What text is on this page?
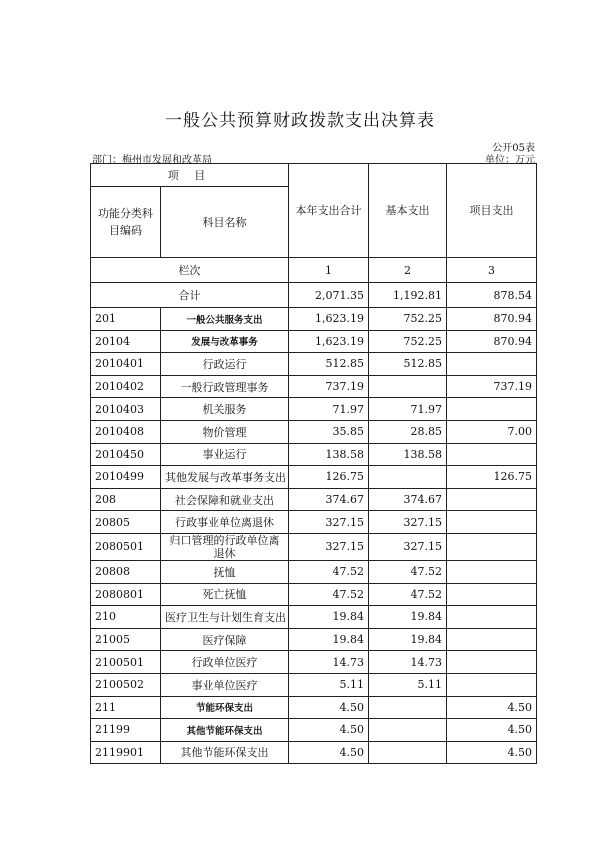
一般公共预算财政拨款支出决算表
公开05表
部门：梅州市发展和改革局	单位：万元
项 目		本年支出合计	基本支出	项目支出
功能分类科目编码	科目名称			
栏次		1	2	3
合计		2,071.35	1,192.81	878.54
201	一般公共服务支出	1,623.19	752.25	870.94
20104	发展与改革事务	1,623.19	752.25	870.94
2010401	行政运行	512.85	512.85	
2010402	一般行政管理事务	737.19		737.19
2010403	机关服务	71.97	71.97	
2010408	物价管理	35.85	28.85	7.00
2010450	事业运行	138.58	138.58	
2010499	其他发展与改革事务支出	126.75		126.75
208	社会保障和就业支出	374.67	374.67	
20805	行政事业单位离退休	327.15	327.15	
2080501	归口管理的行政单位离退休	327.15	327.15	
20808	抚恤	47.52	47.52	
2080801	死亡抚恤	47.52	47.52	
210	医疗卫生与计划生育支出	19.84	19.84	
21005	医疗保障	19.84	19.84	
2100501	行政单位医疗	14.73	14.73	
2100502	事业单位医疗	5.11	5.11	
211	节能环保支出	4.50		4.50
21199	其他节能环保支出	4.50		4.50
2119901	其他节能环保支出	4.50		4.50
